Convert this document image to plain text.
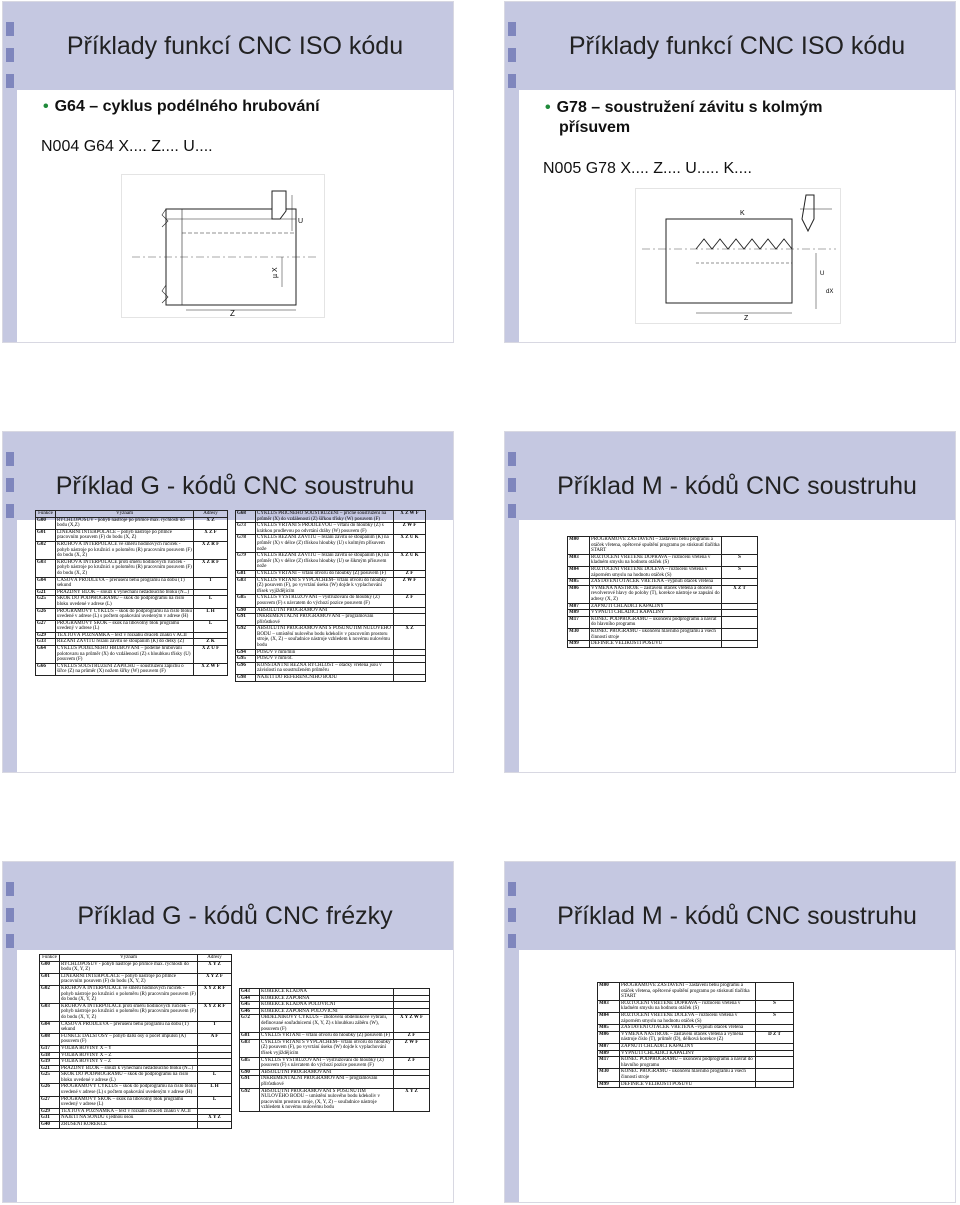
Příklady funkcí CNC ISO kódu
• G64 – cyklus podélného hrubování
N004 G64 X.... Z.... U....
U
µ X
Z
Příklady funkcí CNC ISO kódu
• G78 – soustružení závitu s kolmým
přísuvem
N005 G78 X.... Z.... U..... K....
K
U
dX
Z
Příklad G - kódů CNC soustruhu
Funkce	Význam	Adresy
G00	RYCHLOPOSUV - pohyb nástroje po přímce max. rychlostí do bodu (X,Z)	X Z
G01	LINEÁRNÍ INTERPOLACE – pohyb nástroje po přímce pracovním posuvem (F) do bodu (X, Z)	X Z F
G02	KRUHOVÁ INTERPOLACE ve směru hodinových ručiček - pohyb nástroje po kružnici o poloměru (R) pracovním posuvem (F) do bodu (X, Z)	X Z R F
G03	KRUHOVÁ INTERPOLACE proti směru hodinových ručiček - pohyb nástroje po kružnici o poloměru (R) pracovním posuvem (F) do bodu (X, Z)	X Z R F
G04	ČASOVÁ PRODLEVA – přerušení běhu programu na dobu (T) sekund	T
G21	PRÁZDNÝ BLOK – slouží k vynechání nežádoucího bloku (N...)	
G25	SKOK DO PODPROGRAMU – skok do podprogramu na číslo bloku uvedené v adrese (L)	L
G26	PROGRAMOVÝ CYKLUS – skok do podprogramu na číslo bloku uvedené v adrese (L) s počtem opakování uvedeným v adrese (H)	L H
G27	PROGRAMOVÝ SKOK – skok na libovolný blok programu uvedený v adrese (L)	L
G29	TEXTOVÁ POZNÁMKA – text v rozsahu dvaceti znaků v ACII	
G33	ŘEZÁNÍ ZÁVITŮ řezání závitu se stoupáním (K) do délky (Z)	Z K
G64	CYKLUS PODÉLNÉHO HRUBOVÁNÍ – podélné hrubování polotovaru na průměr (X) do vzdálenosti (Z) s hloubkou třísky (U) posuvem (F)	X Z U F
G66	CYKLUS SOUSTRUŽENÍ ZÁPICHU – soustružení zápichu o šířce (Z) na průměr (X) nožem šířky (W) posuvem (F)	X Z W F
G68	CYKLUS PŘÍČNÉHO SOUSTRUŽENÍ – příčné soustružení na průměr (X) do vzdálenosti (Z) šířkou třísky (W) posuvem (F)	X Z W F
G73	CYKLUS VRTÁNÍ S PRODLEVOU – vrtání do hloubky (Z) s krátkou prodlevou po odvrtání dráhy (W) posuvem (F)	Z W F
G78	CYKLUS ŘEZÁNÍ ZÁVITŮ – řezání závitu se stoupáním (K) na průměr (X) v délce (Z) třískou hloubky (U) s kolmým přísuvem nože	X Z U K
G79	CYKLUS ŘEZÁNÍ ZÁVITŮ – řezání závitu se stoupáním (K) na průměr (X) v délce (Z) třískou hloubky (U) se šikmým přísuvem nože	X Z U K
G81	CYKLUS VRTÁNÍ – vrtání otvoru do hloubky (Z) posuvem (F)	Z F
G83	CYKLUS VRTÁNÍ S VÝPLACHEM– vrtání otvoru do hloubky (Z) posuvem (F), po vyvrtání úseku (W) dojde k vyplachování třísek vyjíždějícím	Z W F
G85	CYKLUS VYSTRUŽOVÁNÍ – vystružování do hloubky (Z) posuvem (F) s návratem do výchozí pozice posuvem (F)	Z F
G90	ABSOLUTNÍ PROGRAMOVÁNÍ	
G91	INKREMENTÁLNÍ PROGRAMOVÁNÍ – programování přírůstkové	
G92	ABSOLUTNÍ PROGRAMOVÁNÍ S POSUNUTÍM NULOVÉHO BODU – umístění nulového bodu kdekoliv v pracovním prostoru stroje, (X, Z) – souřadnice nástroje vzhledem k novému nulovému bodu	X Z
G94	POSUV v mm/min	
G95	POSUV v mm/ot.	
G96	KONSTANTNÍ ŘEZNÁ RYCHLOST – otáčky vřetena jsou v závislosti na soustruženém průměru	
G98	NAJETÍ DO REFERENČNÍHO BODU	
Příklad M - kódů CNC soustruhu
M00	PROGRAMOVÉ ZASTAVENÍ – zastavení běhu programu a otáček vřetena, opětovné spuštění programu po stisknutí tlačítka START	
M03	ROZTOČENÍ VŘETENE DOPRAVA – roztočení vřetena v kladném smyslu na hodnotu otáček (S)	S
M04	ROZTOČENÍ VŘETENE DOLEVA – roztočení vřetena v záporném smyslu na hodnotu otáček (S)	S
M05	ZASTAVENÍ OTÁČEK VŘETENA –vypnutí otáček vřetena	
M06	VÝMĚNA NÁSTROJE – zastavení otáček vřetena a otočení revolverové hlavy do polohy (T), korekce nástroje se zapsání do adresy (X, Z)	X Z T
M07	ZAPNUTÍ CHLADICÍ KAPALINY	
M09	VYPNUTÍ CHLADICÍ KAPALINY	
M17	KONEC PODPROGRAMU – ukončení podprogramu a návrat do hlavního programu	
M30	KONEC PROGRAMU - ukončení hlavního programu a všech činností stroje	
M99	DEFINICE VELIKOSTI POSUVU	
Příklad G - kódů CNC frézky
Funkce	Význam	Adresy
G00	RYCHLOPOSUV - pohyb nástroje po přímce max. rychlostí do bodu (X, Y, Z)	X Y Z
G01	LINEÁRNÍ INTERPOLACE – pohyb nástroje po přímce pracovním posuvem (F) do bodu (X, Y, Z)	X Y Z F
G02	KRUHOVÁ INTERPOLACE ve směru hodinových ručiček - pohyb nástroje po kružnici o poloměru (R) pracovním posuvem (F) do bodu (X, Y, Z)	X Y Z R F
G03	KRUHOVÁ INTERPOLACE proti směru hodinových ručiček - pohyb nástroje po kružnici o poloměru (R) pracovním posuvem (F) do bodu (X, Y, Z)	X Y Z R F
G04	ČASOVÁ PRODLEVA – přerušení běhu programu na dobu (T) sekund	T
G08	FUNKCE DALŠÍ OSY – pohyb další osy o počet impulsů (A) posuvem (F)	A F
G17	VOLBA ROVINY X – Y	
G18	VOLBA ROVINY X – Z	
G19	VOLBA ROVINY Y – Z	
G21	PRÁZDNÝ BLOK – slouží k vynechání nežádoucího bloku (N...)	
G25	SKOK DO PODPROGRAMU – skok do podprogramu na číslo bloku uvedené v adrese (L)	L
G26	PROGRAMOVÝ CYKLUS – skok do podprogramu na číslo bloku uvedené v adrese (L) s počtem opakování uvedeným v adrese (H)	L H
G27	PROGRAMOVÝ SKOK – skok na libovolný blok programu uvedený v adrese (L)	L
G29	TEXTOVÁ POZNÁMKA – text v rozsahu dvaceti znaků v ACII	
G31	NAJETÍ NA SONDU s jednou osou	X Y Z
G40	ZRUŠENÍ KOREKCE	
G43	KOREKCE KLADNÁ	
G44	KOREKCE ZÁPORNÁ	
G45	KOREKCE KLADNÁ POLOVIČNÍ	
G46	KOREKCE ZÁPORNÁ POLOVIČNÍ	
G72	OBDÉLNÍKOVÝ CYKLUS – zhotovení obdélníkové vybrání, definované souřadnicemi (X, Y, Z) s hloubkou záběru (W), posuvem (F)	X Y Z W F
G81	CYKLUS VRTÁNÍ – vrtání otvoru do hloubky (Z) posuvem (F)	Z F
G83	CYKLUS VRTÁNÍ S VÝPLACHEM– vrtání otvoru do hloubky (Z) posuvem (F), po vyvrtání úseku (W) dojde k vyplachování třísek vyjíždějícím	Z W F
G85	CYKLUS VYSTRUŽOVÁNÍ – vystružování do hloubky (Z) posuvem (F) s návratem do výchozí pozice posuvem (F)	Z F
G90	ABSOLUTNÍ PROGRAMOVÁNÍ	
G91	INKREMENTÁLNÍ PROGRAMOVÁNÍ – programování přírůstkové	
G92	ABSOLUTNÍ PROGRAMOVÁNÍ S POSUNUTÍM NULOVÉHO BODU – umístění nulového bodu kdekoliv v pracovním prostoru stroje, (X, Y, Z) – souřadnice nástroje vzhledem k novému nulovému bodu	X Y Z
Příklad M - kódů CNC soustruhu
M00	PROGRAMOVÉ ZASTAVENÍ – zastavení běhu programu a otáček vřetena, opětovné spuštění programu po stisknutí tlačítka START	
M03	ROZTOČENÍ VŘETENE DOPRAVA – roztočení vřetena v kladném smyslu na hodnotu otáček (S)	S
M04	ROZTOČENÍ VŘETENE DOLEVA – roztočení vřetena v záporném smyslu na hodnotu otáček (S)	S
M05	ZASTAVENÍ OTÁČEK VŘETENA –vypnutí otáček vřetena	
M06	VÝMĚNA NÁSTROJE – zastavení otáček vřetena a výměna nástroje číslo (T), průměr (D), délková korekce (Z)	D Z T
M07	ZAPNUTÍ CHLADICÍ KAPALINY	
M09	VYPNUTÍ CHLADICÍ KAPALINY	
M17	KONEC PODPROGRAMU – ukončení podprogramu a návrat do hlavního programu	
M30	KONEC PROGRAMU - ukončení hlavního programu a všech činností stroje	
M99	DEFINICE VELIKOSTI POSUVU	
